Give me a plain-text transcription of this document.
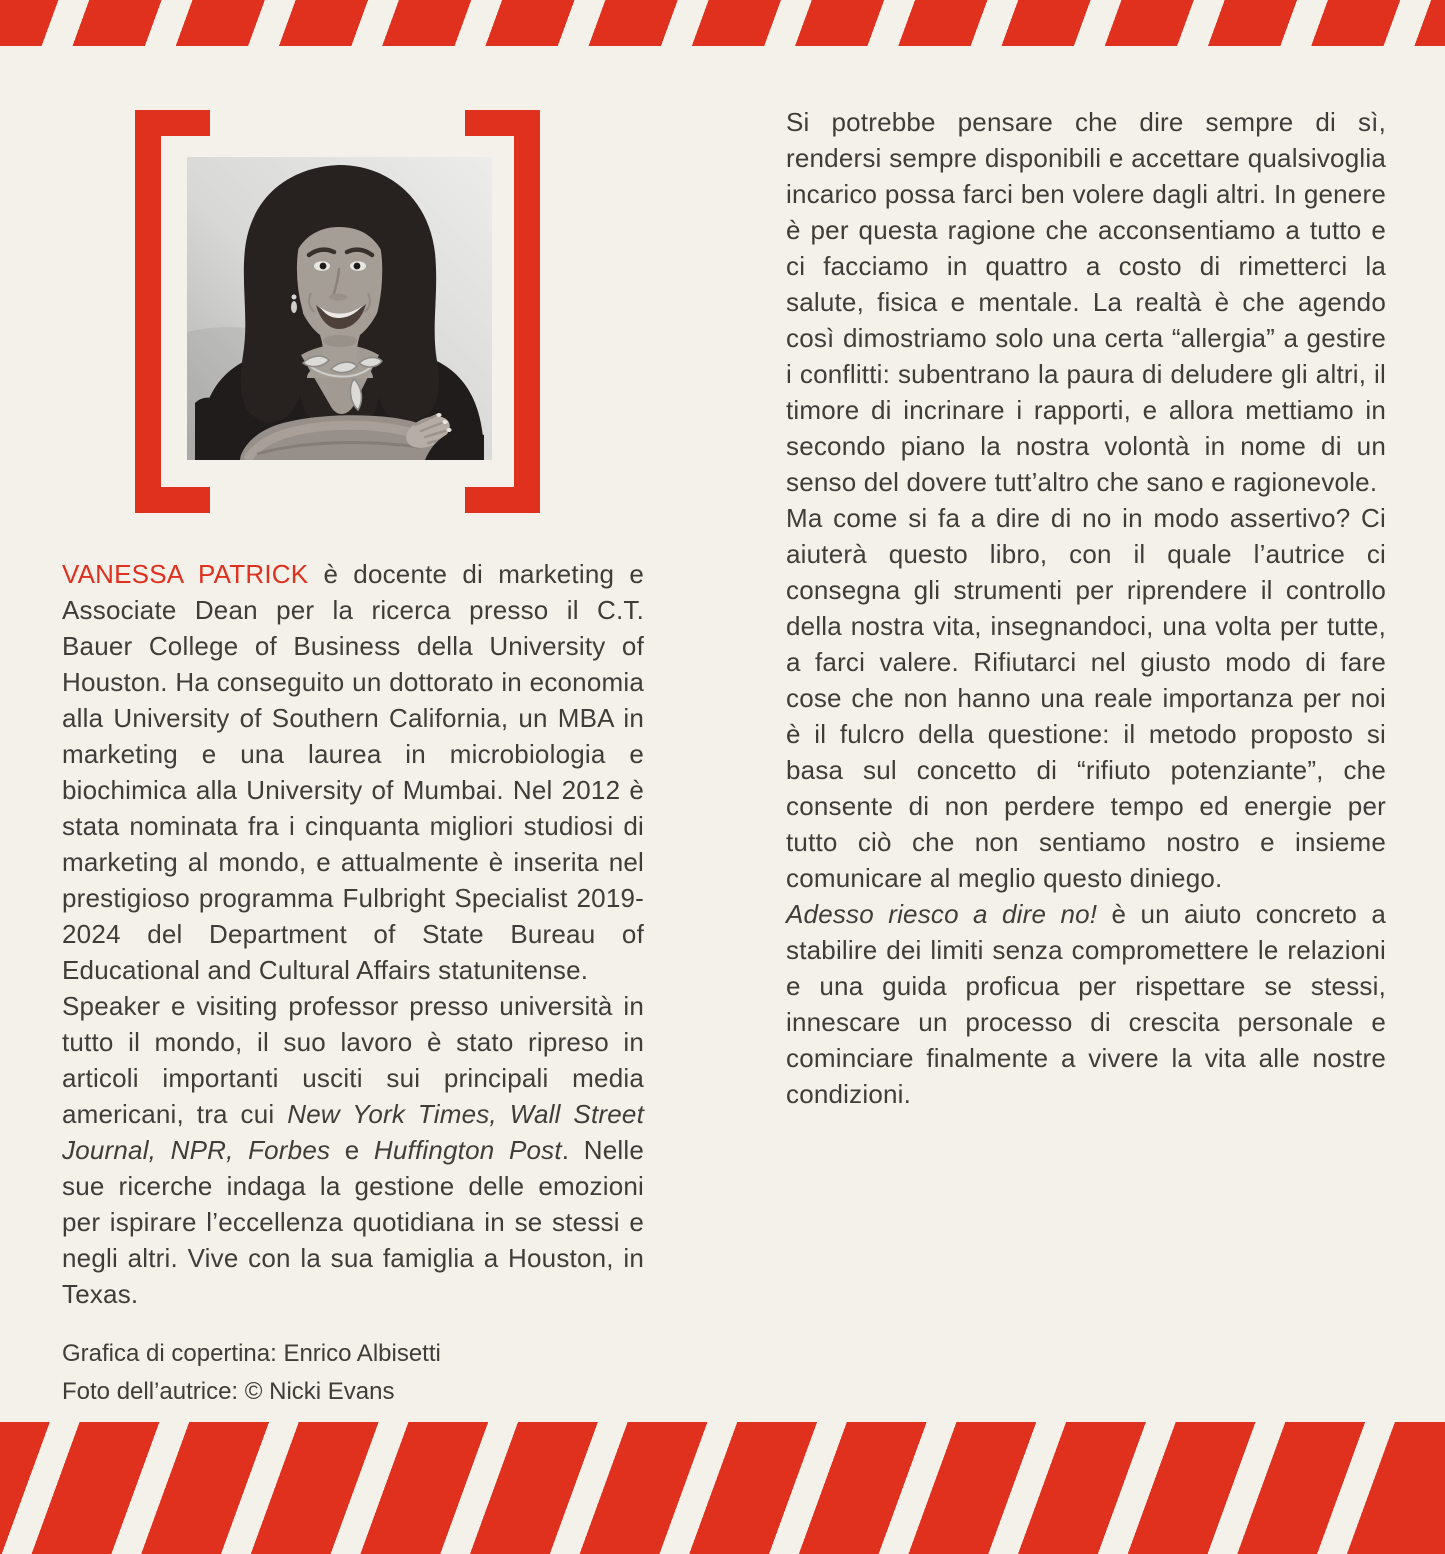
VANESSA PATRICK è docente di marketing e Associate Dean per la ricerca presso il C.T. Bauer College of Business della University of Houston. Ha conseguito un dottorato in economia alla University of Southern California, un MBA in marketing e una laurea in microbiologia e biochimica alla University of Mumbai. Nel 2012 è stata nominata fra i cinquanta migliori studiosi di marketing al mondo, e attualmente è inserita nel prestigioso programma Fulbright Specialist 2019-2024 del Department of State Bureau of Educational and Cultural Affairs statunitense.

Speaker e visiting professor presso università in tutto il mondo, il suo lavoro è stato ripreso in articoli importanti usciti sui principali media americani, tra cui New York Times, Wall Street Journal, NPR, Forbes e Huffington Post. Nelle sue ricerche indaga la gestione delle emozioni per ispirare l’eccellenza quotidiana in se stessi e negli altri. Vive con la sua famiglia a Houston, in Texas.

Si potrebbe pensare che dire sempre di sì, rendersi sempre disponibili e accettare qualsivoglia incarico possa farci ben volere dagli altri. In genere è per questa ragione che acconsentiamo a tutto e ci facciamo in quattro a costo di rimetterci la salute, fisica e mentale. La realtà è che agendo così dimostriamo solo una certa “allergia” a gestire i conflitti: subentrano la paura di deludere gli altri, il timore di incrinare i rapporti, e allora mettiamo in secondo piano la nostra volontà in nome di un senso del dovere tutt’altro che sano e ragionevole.

Ma come si fa a dire di no in modo assertivo? Ci aiuterà questo libro, con il quale l’autrice ci consegna gli strumenti per riprendere il controllo della nostra vita, insegnandoci, una volta per tutte, a farci valere. Rifiutarci nel giusto modo di fare cose che non hanno una reale importanza per noi è il fulcro della questione: il metodo proposto si basa sul concetto di “rifiuto potenziante”, che consente di non perdere tempo ed energie per tutto ciò che non sentiamo nostro e insieme comunicare al meglio questo diniego.

Adesso riesco a dire no! è un aiuto concreto a stabilire dei limiti senza compromettere le relazioni e una guida proficua per rispettare se stessi, innescare un processo di crescita personale e cominciare finalmente a vivere la vita alle nostre condizioni.

Grafica di copertina: Enrico Albisetti
Foto dell’autrice: © Nicki Evans
